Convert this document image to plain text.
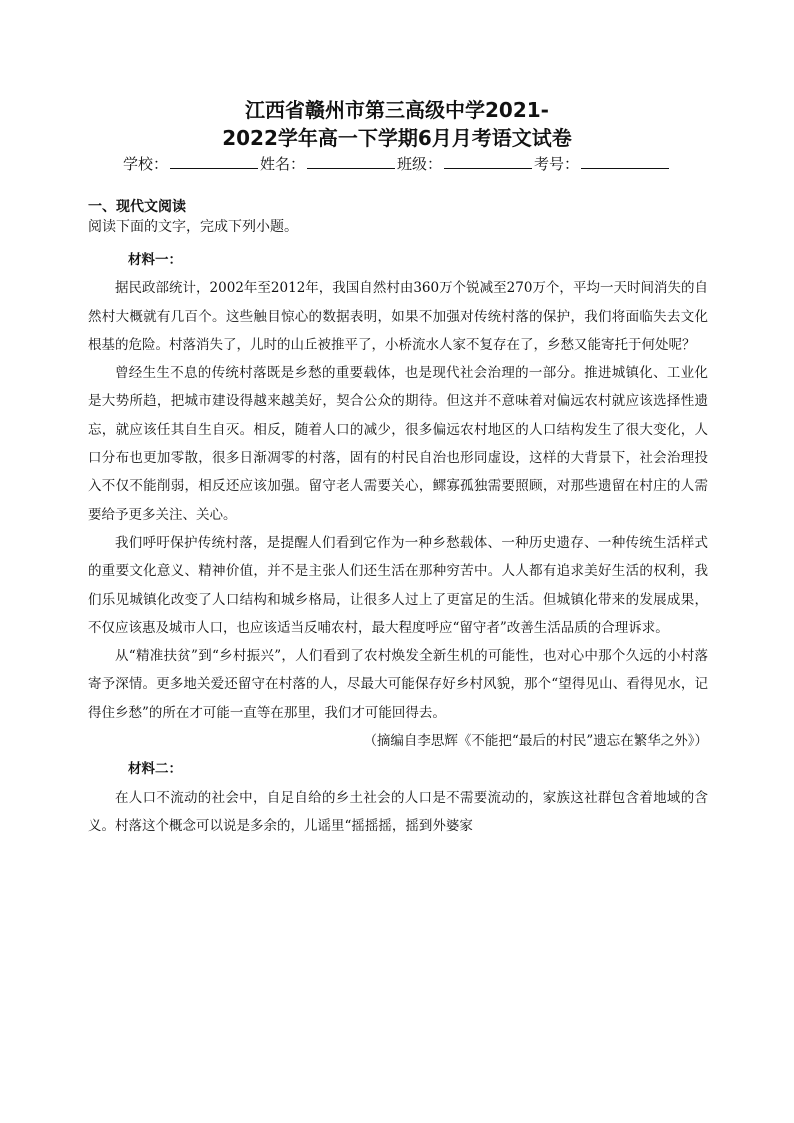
江西省赣州市第三高级中学2021-
2022学年高一下学期6月月考语文试卷
学校：	姓名：	班级：	考号：
一、现代文阅读
阅读下面的文字，完成下列小题。

材料一：

据民政部统计，2002年至2012年，我国自然村由360万个锐减至270万个，平均一天时间消失的自然村大概就有几百个。这些触目惊心的数据表明，如果不加强对传统村落的保护，我们将面临失去文化根基的危险。村落消失了，儿时的山丘被推平了，小桥流水人家不复存在了，乡愁又能寄托于何处呢？

曾经生生不息的传统村落既是乡愁的重要载体，也是现代社会治理的一部分。推进城镇化、工业化是大势所趋，把城市建设得越来越美好，契合公众的期待。但这并不意味着对偏远农村就应该选择性遗忘，就应该任其自生自灭。相反，随着人口的减少，很多偏远农村地区的人口结构发生了很大变化，人口分布也更加零散，很多日渐凋零的村落，固有的村民自治也形同虚设，这样的大背景下，社会治理投入不仅不能削弱，相反还应该加强。留守老人需要关心，鳏寡孤独需要照顾，对那些遗留在村庄的人需要给予更多关注、关心。

我们呼吁保护传统村落，是提醒人们看到它作为一种乡愁载体、一种历史遗存、一种传统生活样式的重要文化意义、精神价值，并不是主张人们还生活在那种穷苦中。人人都有追求美好生活的权利，我们乐见城镇化改变了人口结构和城乡格局，让很多人过上了更富足的生活。但城镇化带来的发展成果，不仅应该惠及城市人口，也应该适当反哺农村，最大程度呼应“留守者”改善生活品质的合理诉求。

从“精准扶贫”到“乡村振兴”，人们看到了农村焕发全新生机的可能性，也对心中那个久远的小村落寄予深情。更多地关爱还留守在村落的人，尽最大可能保存好乡村风貌，那个“望得见山、看得见水，记得住乡愁”的所在才可能一直等在那里，我们才可能回得去。

（摘编自李思辉《不能把“最后的村民”遗忘在繁华之外》）

材料二：

在人口不流动的社会中，自足自给的乡土社会的人口是不需要流动的，家族这社群包含着地域的含义。村落这个概念可以说是多余的，儿谣里“摇摇摇，摇到外婆家
